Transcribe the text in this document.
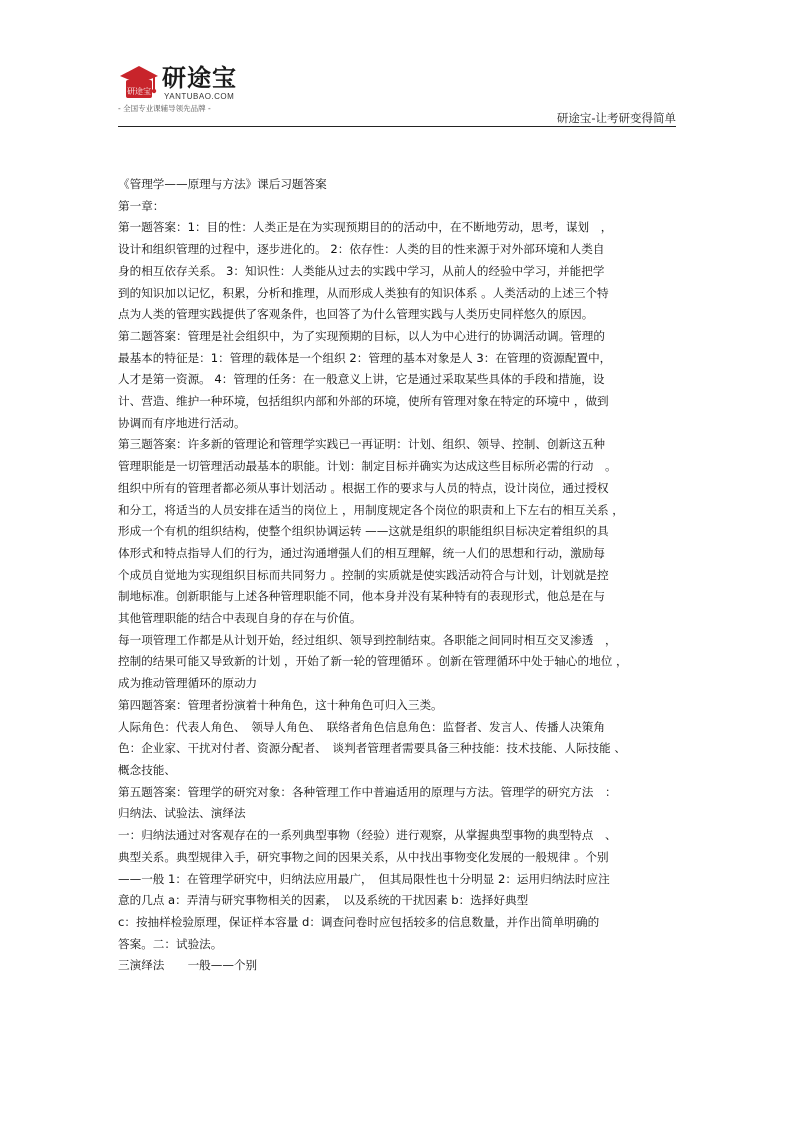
研途宝 研途宝
YANTUBAO.COM
- 全国专业课辅导领先品牌 -
研途宝-让考研变得简单

《管理学——原理与方法》课后习题答案

第一章：

第一题答案：1：目的性：人类正是在为实现预期目的的活动中，在不断地劳动，思考，谋划　，

设计和组织管理的过程中，逐步进化的。 2：依存性：人类的目的性来源于对外部环境和人类自

身的相互依存关系。 3：知识性：人类能从过去的实践中学习，从前人的经验中学习，并能把学

到的知识加以记忆，积累，分析和推理，从而形成人类独有的知识体系 。人类活动的上述三个特

点为人类的管理实践提供了客观条件，也回答了为什么管理实践与人类历史同样悠久的原因。

第二题答案：管理是社会组织中，为了实现预期的目标，以人为中心进行的协调活动调。管理的

最基本的特征是：1：管理的载体是一个组织 2：管理的基本对象是人 3：在管理的资源配置中，

人才是第一资源。 4：管理的任务：在一般意义上讲，它是通过采取某些具体的手段和措施，设

计、营造、维护一种环境，包括组织内部和外部的环境，使所有管理对象在特定的环境中 ，做到

协调而有序地进行活动。

第三题答案：许多新的管理论和管理学实践已一再证明：计划、组织、领导、控制、创新这五种

管理职能是一切管理活动最基本的职能。计划：制定目标并确实为达成这些目标所必需的行动　。

组织中所有的管理者都必须从事计划活动 。根据工作的要求与人员的特点，设计岗位，通过授权

和分工，将适当的人员安排在适当的岗位上 ，用制度规定各个岗位的职责和上下左右的相互关系 ，

形成一个有机的组织结构，使整个组织协调运转 ——这就是组织的职能组织目标决定着组织的具

体形式和特点指导人们的行为，通过沟通增强人们的相互理解，统一人们的思想和行动，激励每

个成员自觉地为实现组织目标而共同努力 。控制的实质就是使实践活动符合与计划，计划就是控

制地标准。创新职能与上述各种管理职能不同，他本身并没有某种特有的表现形式，他总是在与

其他管理职能的结合中表现自身的存在与价值。

每一项管理工作都是从计划开始，经过组织、领导到控制结束。各职能之间同时相互交叉渗透　，

控制的结果可能又导致新的计划 ，开始了新一轮的管理循环 。创新在管理循环中处于轴心的地位 ，

成为推动管理循环的原动力

第四题答案：管理者扮演着十种角色，这十种角色可归入三类。

人际角色：代表人角色、　领导人角色、　联络者角色信息角色：监督者、发言人、传播人决策角

色：企业家、干扰对付者、资源分配者、　谈判者管理者需要具备三种技能：技术技能、人际技能 、

概念技能、

第五题答案：管理学的研究对象：各种管理工作中普遍适用的原理与方法。管理学的研究方法　：

归纳法、试验法、演绎法

一：归纳法通过对客观存在的一系列典型事物（经验）进行观察，从掌握典型事物的典型特点　、

典型关系。典型规律入手，研究事物之间的因果关系，从中找出事物变化发展的一般规律 。个别

——一般 1：在管理学研究中，归纳法应用最广，　但其局限性也十分明显 2：运用归纳法时应注

意的几点 a：弄清与研究事物相关的因素，　以及系统的干扰因素 b：选择好典型

c：按抽样检验原理，保证样本容量 d：调查问卷时应包括较多的信息数量，并作出简单明确的

答案。二：试验法。

三演绎法　　一般——个别
